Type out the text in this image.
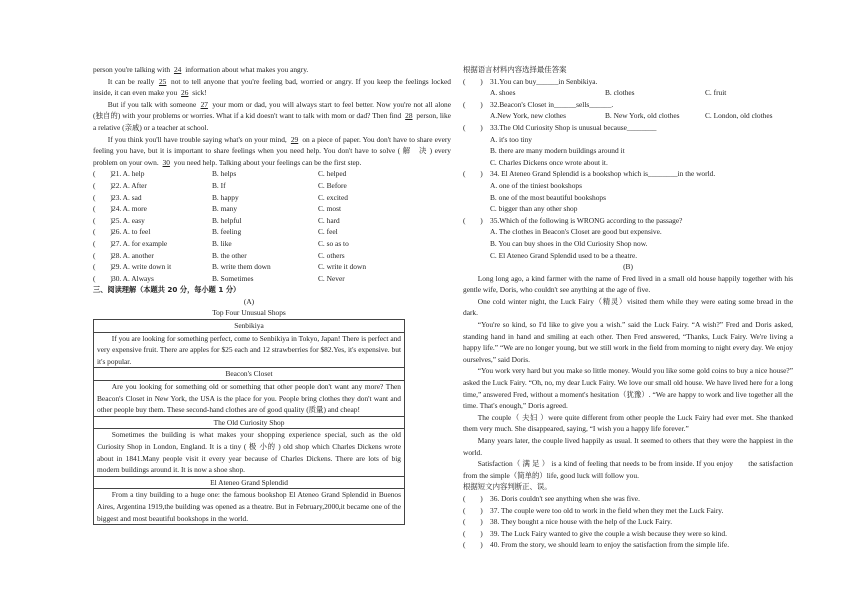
person you're talking with 24 information about what makes you angry.

It can be really 25 not to tell anyone that you're feeling bad, worried or angry. If you keep the feelings locked inside, it can even make you 26 sick!

But if you talk with someone 27 your mom or dad, you will always start to feel better. Now you're not all alone (独自的) with your problems or worries. What if a kid doesn't want to talk with mom or dad? Then find 28 person, like a relative (亲戚) or a teacher at school.

If you think you'll have trouble saying what's on your mind, 29 on a piece of paper. You don't have to share every feeling you have, but it is important to share feelings when you need help. You don't have to solve ( 解　决 ) every problem on your own. 30 you need help. Talking about your feelings can be the first step.

(　　) 21. A. help	B. helps	C. helped
(　　) 22. A. After	B. If	C. Before
(　　) 23. A. sad	B. happy	C. excited
(　　) 24. A. more	B. many	C. most
(　　) 25. A. easy	B. helpful	C. hard
(　　) 26. A. to feel	B. feeling	C. feel
(　　) 27. A. for example	B. like	C. so as to
(　　) 28. A. another	B. the other	C. others
(　　) 29. A. write down it	B. write them down	C. write it down
(　　) 30. A. Always	B. Sometimes	C. Never
三、阅读理解（本题共 20 分，每小题 1 分）
(A)
Top Four Unusual Shops
Senbikiya
If you are looking for something perfect, come to Senbikiya in Tokyo, Japan! There is perfect and very expensive fruit. There are apples for $25 each and 12 strawberries for $82.Yes, it's expensive. but it's popular.
Beacon's Closet
Are you looking for something old or something that other people don't want any more? Then Beacon's Closet in New York, the USA is the place for you. People bring clothes they don't want and other people buy them. These second-hand clothes are of good quality (质量) and cheap!
The Old Curiosity Shop
Sometimes the building is what makes your shopping experience special, such as the old Curiosity Shop in London, England. It is a tiny ( 极 小的 ) old shop which Charles Dickens wrote about in 1841.Many people visit it every year because of Charles Dickens. There are lots of big modern buildings around it. It is now a shoe shop.
El Ateneo Grand Splendid
From a tiny building to a huge one: the famous bookshop El Ateneo Grand Splendid in Buenos Aires, Argentina 1919,the building was opened as a theatre. But in February,2000,it became one of the biggest and most beautiful bookshops in the world.
根据语言材料内容选择最佳答案
(　　) 31.You can buy______in Senbikiya.
A. shoes	B. clothes	C. fruit
(　　) 32.Beacon's Closet in______sells______.
A.New York, new clothes	B. New York, old clothes	C. London, old clothes
(　　) 33.The Old Curiosity Shop is unusual because________
A. it's too tiny
B. there are many modern buildings around it
C. Charles Dickens once wrote about it.
(　　) 34. El Ateneo Grand Splendid is a bookshop which is________in the world.
A. one of the tiniest bookshops
B. one of the most beautiful bookshops
C. bigger than any other shop
(　　) 35.Which of the following is WRONG according to the passage?
A. The clothes in Beacon's Closet are good but expensive.
B. You can buy shoes in the Old Curiosity Shop now.
C. El Ateneo Grand Splendid used to be a theatre.
(B)

Long long ago, a kind farmer with the name of Fred lived in a small old house happily together with his gentle wife, Doris, who couldn't see anything at the age of five.

One cold winter night, the Luck Fairy（精灵）visited them while they were eating some bread in the dark.

“You're so kind, so I'd like to give you a wish.” said the Luck Fairy. “A wish?” Fred and Doris asked, standing hand in hand and smiling at each other. Then Fred answered, “Thanks, Luck Fairy. We're living a happy life.” “We are no longer young, but we still work in the field from morning to night every day. We enjoy ourselves,” said Doris.

“You work very hard but you make so little money. Would you like some gold coins to buy a nice house?” asked the Luck Fairy. “Oh, no, my dear Luck Fairy. We love our small old house. We have lived here for a long time,” answered Fred, without a moment's hesitation（犹豫）. “We are happy to work and live together all the time. That's enough,” Doris agreed.

The couple（ 夫妇 ）were quite different from other people the Luck Fairy had ever met. She thanked them very much. She disappeared, saying, “I wish you a happy life forever.”

Many years later, the couple lived happily as usual. It seemed to others that they were the happiest in the world.

Satisfaction（ 满 足 ） is a kind of feeling that needs to be from inside. If you enjoy　　the satisfaction from the simple（简单的）life, good luck will follow you.

根据短文内容判断正、误。
(　　) 36. Doris couldn't see anything when she was five.
(　　) 37. The couple were too old to work in the field when they met the Luck Fairy.
(　　) 38. They bought a nice house with the help of the Luck Fairy.
(　　) 39. The Luck Fairy wanted to give the couple a wish because they were so kind.
(　　) 40. From the story, we should learn to enjoy the satisfaction from the simple life.
